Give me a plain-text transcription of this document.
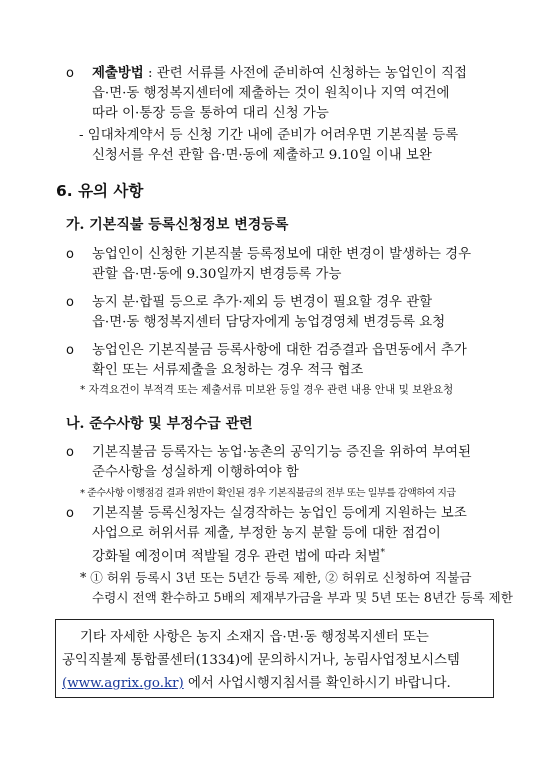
o 제출방법 : 관련 서류를 사전에 준비하여 신청하는 농업인이 직접
읍·면·동 행정복지센터에 제출하는 것이 원칙이나 지역 여건에
따라 이·통장 등을 통하여 대리 신청 가능
- 임대차계약서 등 신청 기간 내에 준비가 어려우면 기본직불 등록
신청서를 우선 관할 읍·면·동에 제출하고 9.10일 이내 보완
6. 유의 사항
가. 기본직불 등록신청정보 변경등록
o 농업인이 신청한 기본직불 등록정보에 대한 변경이 발생하는 경우
관할 읍·면·동에 9.30일까지 변경등록 가능
o 농지 분·합필 등으로 추가·제외 등 변경이 필요할 경우 관할
읍·면·동 행정복지센터 담당자에게 농업경영체 변경등록 요청
o 농업인은 기본직불금 등록사항에 대한 검증결과 읍면동에서 추가
확인 또는 서류제출을 요청하는 경우 적극 협조
* 자격요건이 부적격 또는 제출서류 미보완 등일 경우 관련 내용 안내 및 보완요청
나. 준수사항 및 부정수급 관련
o 기본직불금 등록자는 농업·농촌의 공익기능 증진을 위하여 부여된
준수사항을 성실하게 이행하여야 함
* 준수사항 이행점검 결과 위반이 확인된 경우 기본직불금의 전부 또는 일부를 감액하여 지급
o 기본직불 등록신청자는 실경작하는 농업인 등에게 지원하는 보조
사업으로 허위서류 제출, 부정한 농지 분할 등에 대한 점검이
강화될 예정이며 적발될 경우 관련 법에 따라 처벌*
* ① 허위 등록시 3년 또는 5년간 등록 제한, ② 허위로 신청하여 직불금
수령시 전액 환수하고 5배의 제재부가금을 부과 및 5년 또는 8년간 등록 제한
기타 자세한 사항은 농지 소재지 읍·면·동 행정복지센터 또는
공익직불제 통합콜센터(1334)에 문의하시거나, 농림사업정보시스템
(www.agrix.go.kr) 에서 사업시행지침서를 확인하시기 바랍니다.
